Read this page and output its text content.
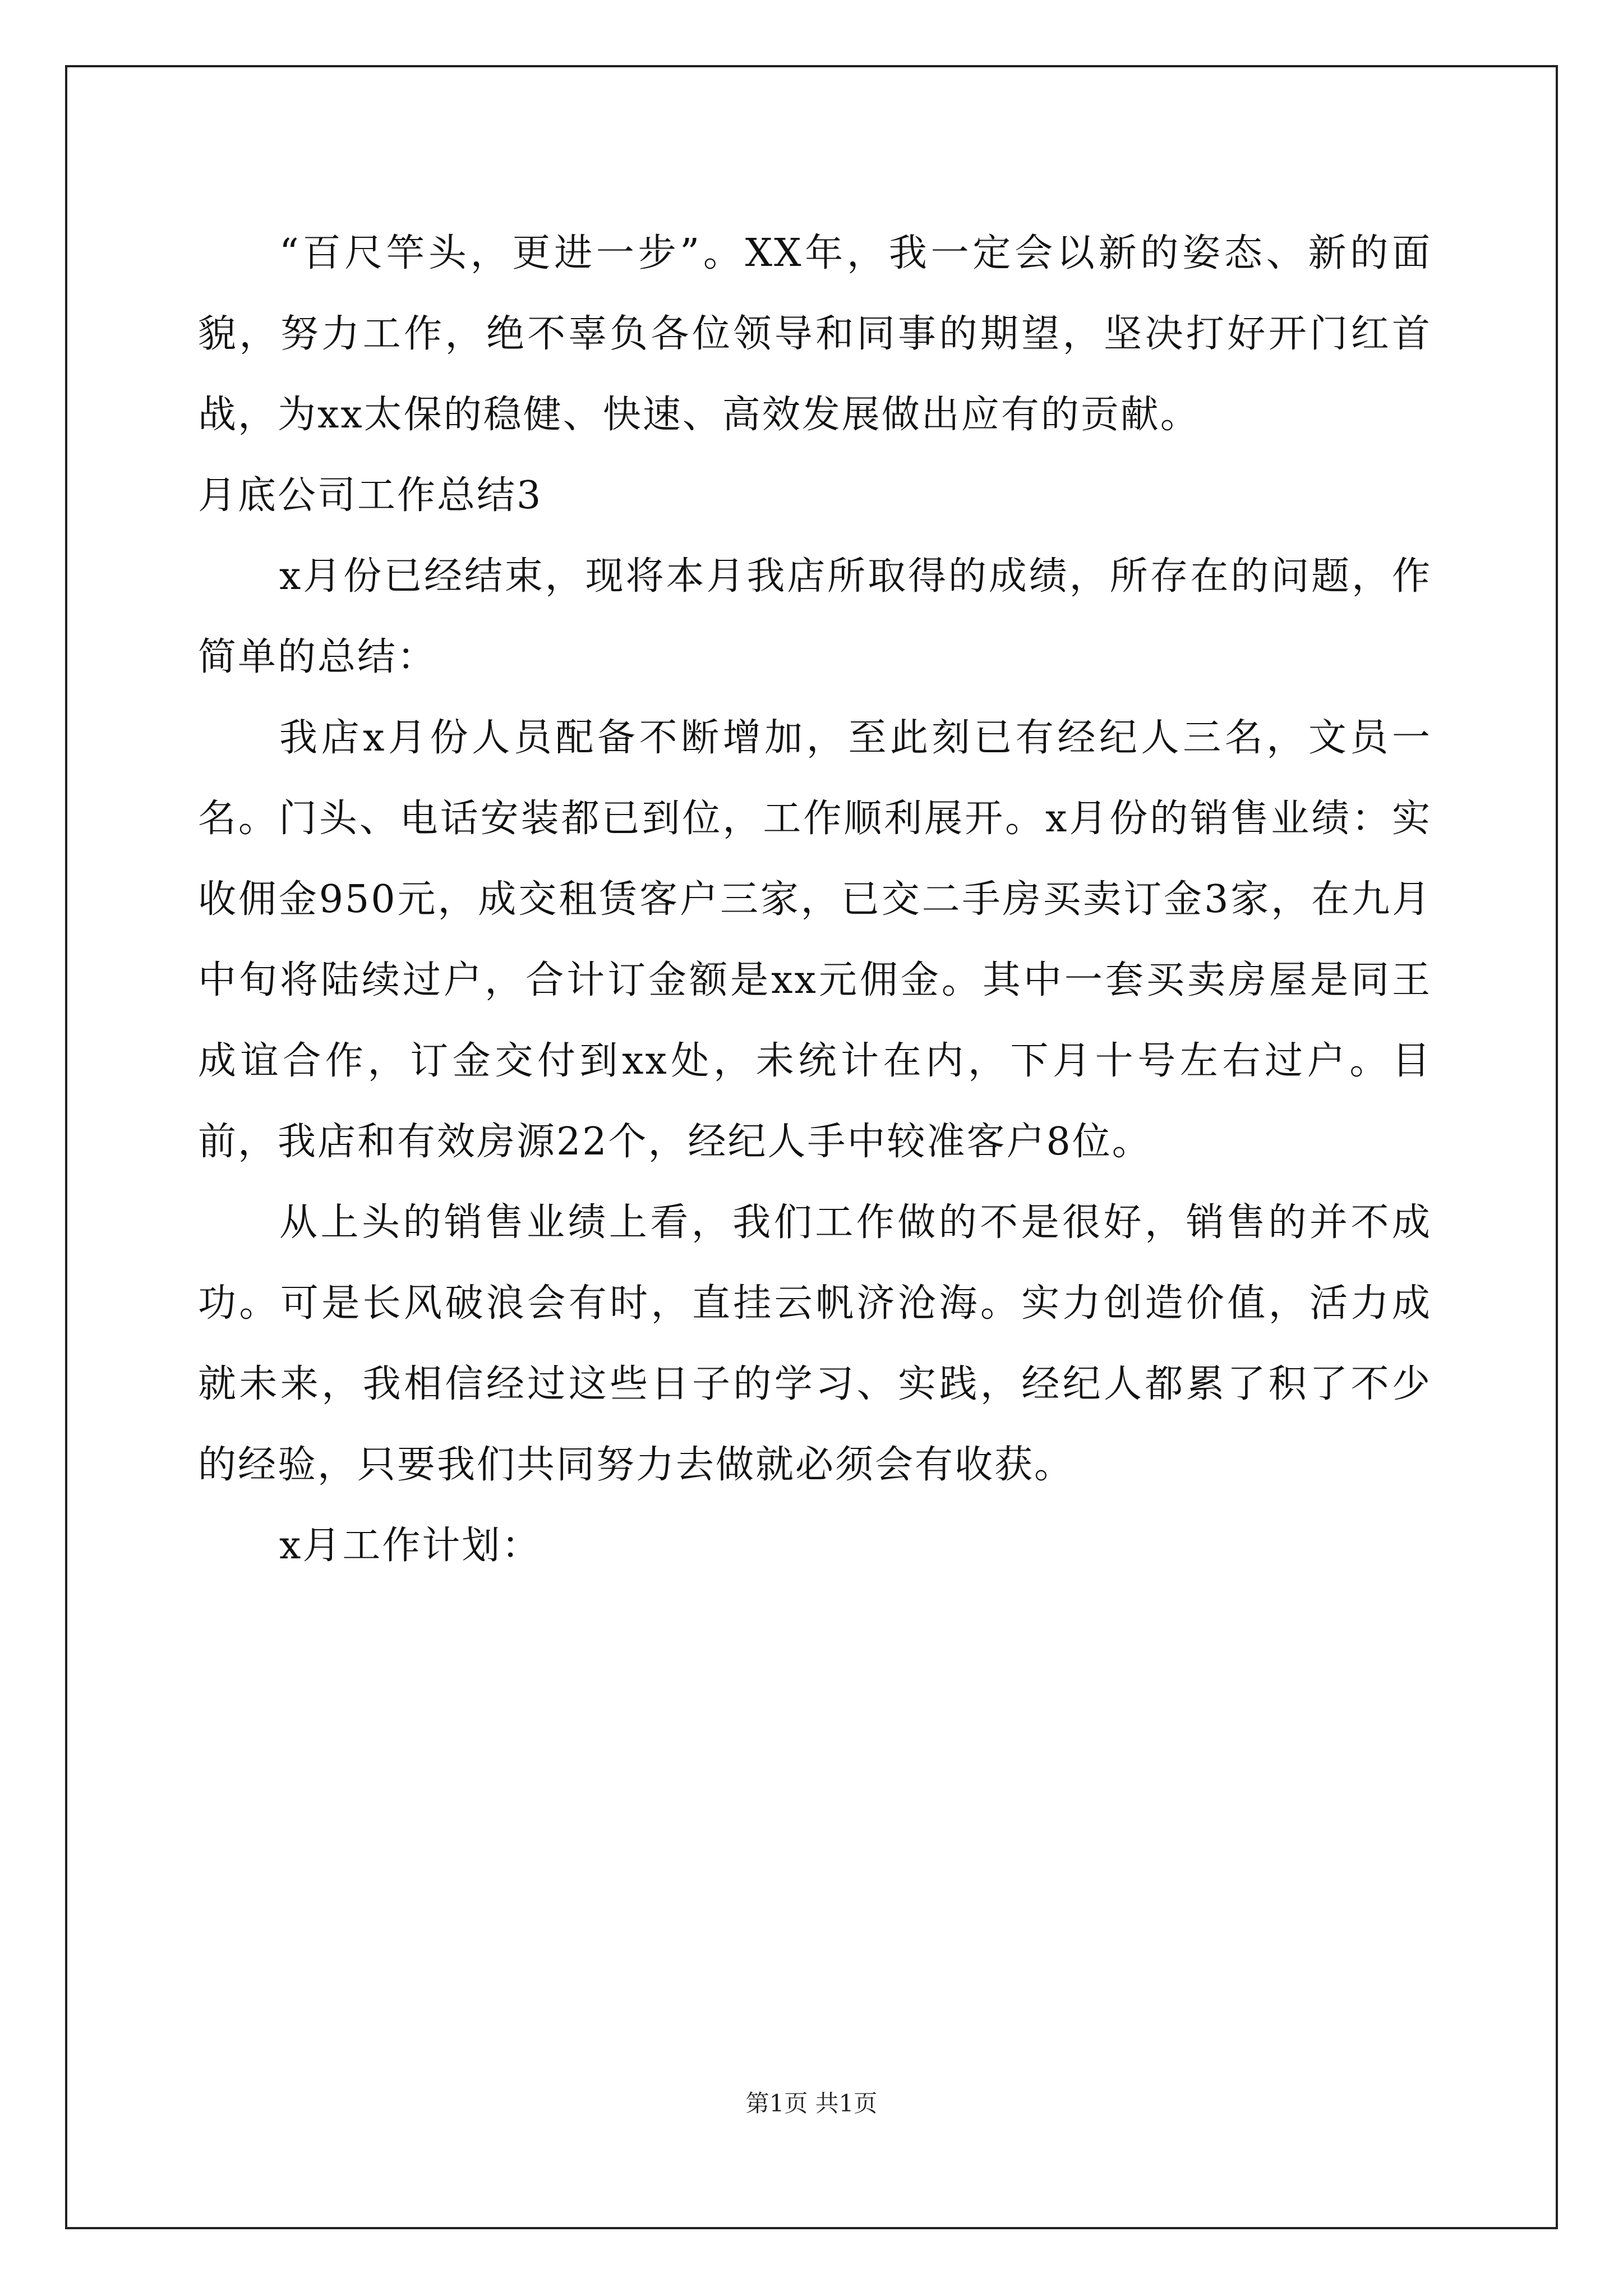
“百尺竿头，更进一步”。XX年，我一定会以新的姿态、新的面貌，努力工作，绝不辜负各位领导和同事的期望，坚决打好开门红首战，为xx太保的稳健、快速、高效发展做出应有的贡献。

月底公司工作总结3

x月份已经结束，现将本月我店所取得的成绩，所存在的问题，作简单的总结：

我店x月份人员配备不断增加，至此刻已有经纪人三名，文员一名。门头、电话安装都已到位，工作顺利展开。x月份的销售业绩：实收佣金950元，成交租赁客户三家，已交二手房买卖订金3家，在九月中旬将陆续过户，合计订金额是xx元佣金。其中一套买卖房屋是同王成谊合作，订金交付到xx处，未统计在内，下月十号左右过户。目前，我店和有效房源22个，经纪人手中较准客户8位。

从上头的销售业绩上看，我们工作做的不是很好，销售的并不成功。可是长风破浪会有时，直挂云帆济沧海。实力创造价值，活力成就未来，我相信经过这些日子的学习、实践，经纪人都累了积了不少的经验，只要我们共同努力去做就必须会有收获。

x月工作计划：

第1页 共1页
